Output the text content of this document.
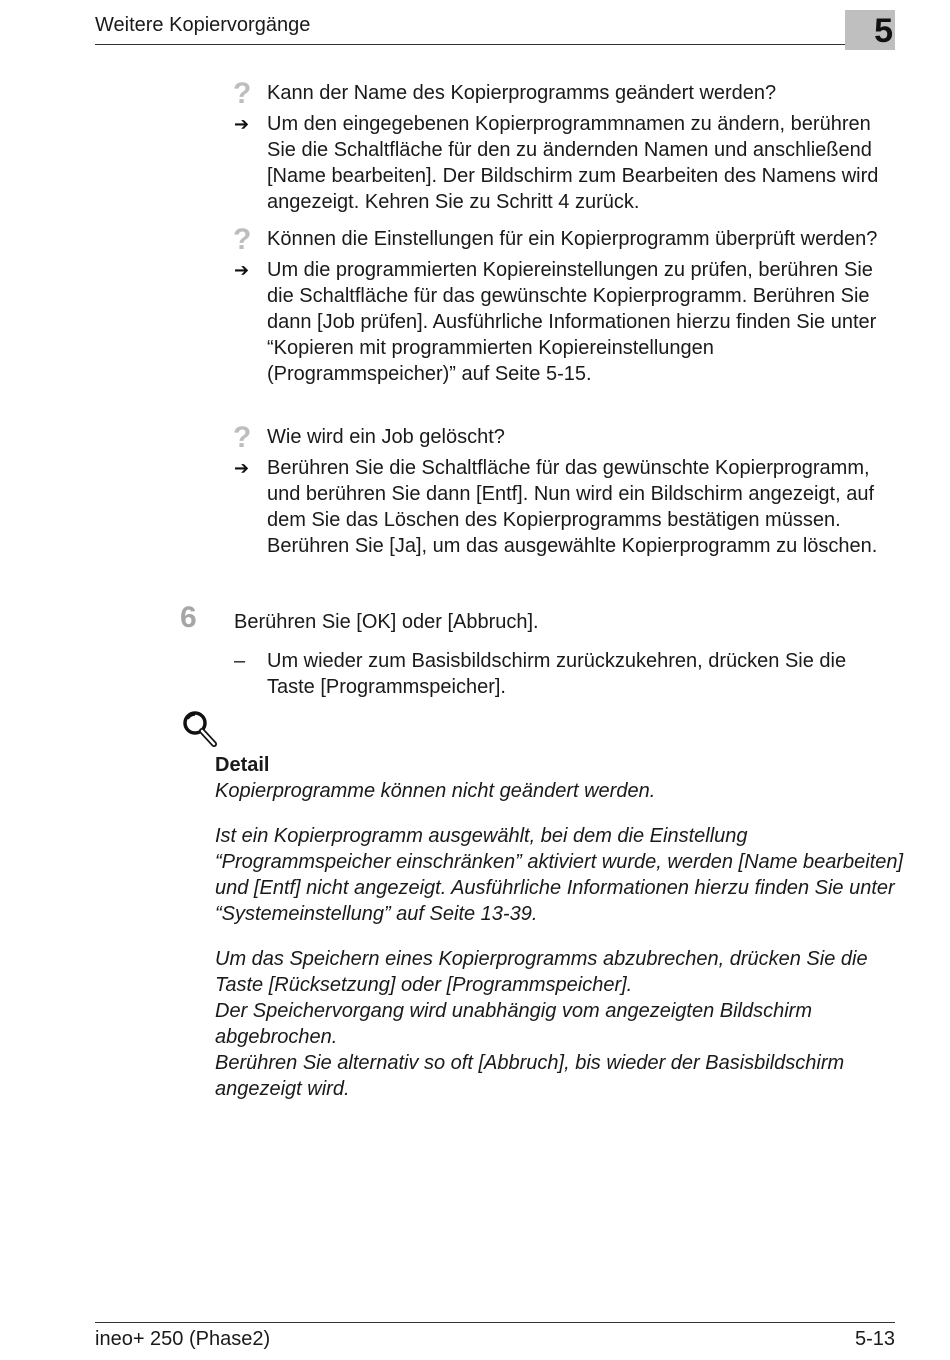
Weitere Kopiervorgänge	5
? Kann der Name des Kopierprogramms geändert werden?
➔ Um den eingegebenen Kopierprogrammnamen zu ändern, berühren Sie die Schaltfläche für den zu ändernden Namen und anschließend [Name bearbeiten]. Der Bildschirm zum Bearbeiten des Namens wird angezeigt. Kehren Sie zu Schritt 4 zurück.
? Können die Einstellungen für ein Kopierprogramm überprüft werden?
➔ Um die programmierten Kopiereinstellungen zu prüfen, berühren Sie die Schaltfläche für das gewünschte Kopierprogramm. Berühren Sie dann [Job prüfen]. Ausführliche Informationen hierzu finden Sie unter “Kopieren mit programmierten Kopiereinstellungen (Programmspeicher)” auf Seite 5-15.
? Wie wird ein Job gelöscht?
➔ Berühren Sie die Schaltfläche für das gewünschte Kopierprogramm, und berühren Sie dann [Entf]. Nun wird ein Bildschirm angezeigt, auf dem Sie das Löschen des Kopierprogramms bestätigen müssen. Berühren Sie [Ja], um das ausgewählte Kopierprogramm zu löschen.
6 Berühren Sie [OK] oder [Abbruch].
– Um wieder zum Basisbildschirm zurückzukehren, drücken Sie die Taste [Programmspeicher].
Detail

Kopierprogramme können nicht geändert werden.

Ist ein Kopierprogramm ausgewählt, bei dem die Einstellung “Programmspeicher einschränken” aktiviert wurde, werden [Name bearbeiten] und [Entf] nicht angezeigt. Ausführliche Informationen hierzu finden Sie unter “Systemeinstellung” auf Seite 13-39.

Um das Speichern eines Kopierprogramms abzubrechen, drücken Sie die Taste [Rücksetzung] oder [Programmspeicher].

Der Speichervorgang wird unabhängig vom angezeigten Bildschirm abgebrochen.

Berühren Sie alternativ so oft [Abbruch], bis wieder der Basisbildschirm angezeigt wird.

ineo+ 250 (Phase2)	5-13
